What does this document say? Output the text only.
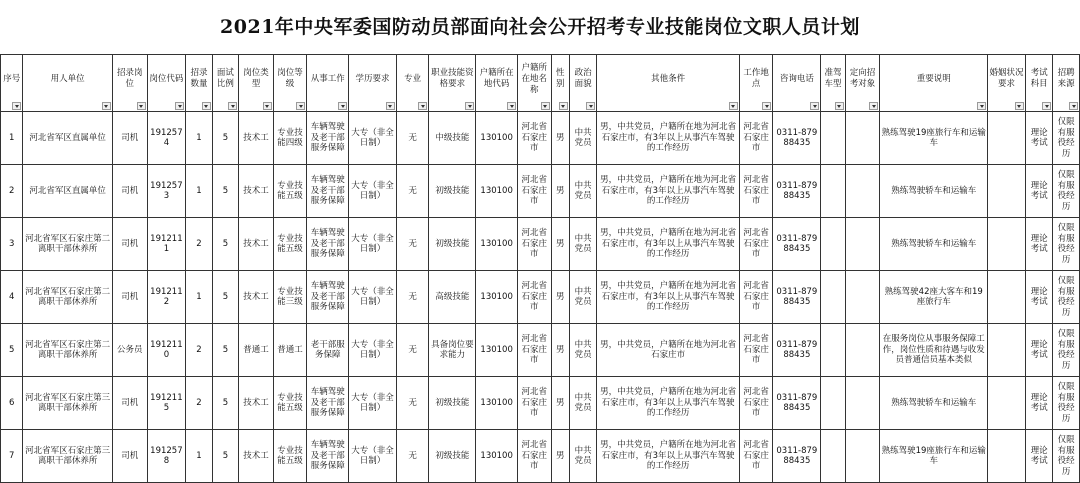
2021年中央军委国防动员部面向社会公开招考专业技能岗位文职人员计划
序号	用人单位	招录岗位	岗位代码	招录数量	面试比例	岗位类型	岗位等级	从事工作	学历要求	专业	职业技能资格要求	户籍所在地代码	户籍所在地名称	性别	政治面貌	其他条件	工作地点	咨询电话	准驾车型	定向招考对象	重要说明	婚姻状况要求	考试科目	招聘来源

1	河北省军区直属单位	司机	1912574	1	5	技术工	专业技能四级	车辆驾驶及老干部服务保障	大专（非全日制）	无	中级技能	130100	河北省石家庄市	男	中共党员	男，中共党员，户籍所在地为河北省石家庄市，有3年以上从事汽车驾驶的工作经历	河北省石家庄市	0311-87988435			熟练驾驶19座旅行车和运输车		理论考试	仅限有服役经历
2	河北省军区直属单位	司机	1912573	1	5	技术工	专业技能五级	车辆驾驶及老干部服务保障	大专（非全日制）	无	初级技能	130100	河北省石家庄市	男	中共党员	男，中共党员，户籍所在地为河北省石家庄市，有3年以上从事汽车驾驶的工作经历	河北省石家庄市	0311-87988435			熟练驾驶轿车和运输车		理论考试	仅限有服役经历
3	河北省军区石家庄第二离职干部休养所	司机	1912111	2	5	技术工	专业技能五级	车辆驾驶及老干部服务保障	大专（非全日制）	无	初级技能	130100	河北省石家庄市	男	中共党员	男，中共党员，户籍所在地为河北省石家庄市，有3年以上从事汽车驾驶的工作经历	河北省石家庄市	0311-87988435			熟练驾驶轿车和运输车		理论考试	仅限有服役经历
4	河北省军区石家庄第二离职干部休养所	司机	1912112	1	5	技术工	专业技能三级	车辆驾驶及老干部服务保障	大专（非全日制）	无	高级技能	130100	河北省石家庄市	男	中共党员	男，中共党员，户籍所在地为河北省石家庄市，有3年以上从事汽车驾驶的工作经历	河北省石家庄市	0311-87988435			熟练驾驶42座大客车和19座旅行车		理论考试	仅限有服役经历
5	河北省军区石家庄第二离职干部休养所	公务员	1912110	2	5	普通工	普通工	老干部服务保障	大专（非全日制）	无	具备岗位要求能力	130100	河北省石家庄市	男	中共党员	男，中共党员，户籍所在地为河北省石家庄市	河北省石家庄市	0311-87988435			在服务岗位从事服务保障工作，岗位性质和待遇与收发员普通信员基本类似		理论考试	仅限有服役经历
6	河北省军区石家庄第三离职干部休养所	司机	1912115	2	5	技术工	专业技能五级	车辆驾驶及老干部服务保障	大专（非全日制）	无	初级技能	130100	河北省石家庄市	男	中共党员	男，中共党员，户籍所在地为河北省石家庄市，有3年以上从事汽车驾驶的工作经历	河北省石家庄市	0311-87988435			熟练驾驶轿车和运输车		理论考试	仅限有服役经历
7	河北省军区石家庄第三离职干部休养所	司机	1912578	1	5	技术工	专业技能五级	车辆驾驶及老干部服务保障	大专（非全日制）	无	初级技能	130100	河北省石家庄市	男	中共党员	男，中共党员，户籍所在地为河北省石家庄市，有3年以上从事汽车驾驶的工作经历	河北省石家庄市	0311-87988435			熟练驾驶19座旅行车和运输车		理论考试	仅限有服役经历
